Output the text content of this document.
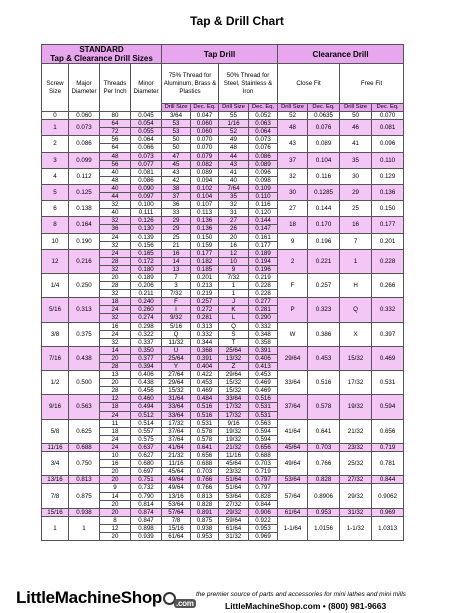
Tap & Drill Chart
STANDARD
Tap & Clearance Drill Sizes				Tap Drill				Clearance Drill			
Screw Size	Major Diameter	Threads Per Inch	Minor Diameter	75% Thread for Aluminum, Brass & Plastics		50% Thread for Steel, Stainless & Iron		Close Fit		Free Fit	
				Drill Size	Dec. Eq.	Drill Size	Dec. Eq.	Drill Size	Dec. Eq.	Drill Size	Dec. Eq.
0	0.060	80	0.045	3/64	0.047	55	0.052	52	0.0635	50	0.070
1	0.073	64	0.054	53	0.060	1/16	0.063	48	0.076	46	0.081
		72	0.055	53	0.060	52	0.064				
2	0.086	56	0.064	50	0.070	49	0.073	43	0.089	41	0.096
		64	0.066	50	0.070	48	0.076				
3	0.099	48	0.073	47	0.079	44	0.086	37	0.104	35	0.110
		56	0.077	45	0.082	43	0.089				
4	0.112	40	0.081	43	0.089	41	0.096	32	0.116	30	0.129
		48	0.086	42	0.094	40	0.098				
5	0.125	40	0.090	38	0.102	7/64	0.109	30	0.1285	29	0.136
		44	0.097	37	0.104	35	0.110				
6	0.138	32	0.100	36	0.107	32	0.116	27	0.144	25	0.150
		40	0.111	33	0.113	31	0.120				
8	0.164	32	0.126	29	0.136	27	0.144	18	0.170	16	0.177
		36	0.130	29	0.136	26	0.147				
10	0.190	24	0.139	25	0.150	20	0.161	9	0.196	7	0.201
		32	0.156	21	0.159	16	0.177				
12	0.216	24	0.165	16	0.177	12	0.189	2	0.221	1	0.228
		28	0.172	14	0.182	10	0.194				
		32	0.180	13	0.185	9	0.196				
1/4	0.250	20	0.189	7	0.201	7/32	0.219	F	0.257	H	0.266
		28	0.206	3	0.213	1	0.228				
		32	0.211	7/32	0.219	1	0.228				
5/16	0.313	18	0.240	F	0.257	J	0.277	P	0.323	Q	0.332
		24	0.260	I	0.272	K	0.281				
		32	0.274	9/32	0.281	L	0.290				
3/8	0.375	16	0.298	5/16	0.313	Q	0.332	W	0.386	X	0.397
		24	0.322	Q	0.332	S	0.348				
		32	0.337	11/32	0.344	T	0.358				
7/16	0.438	14	0.350	U	0.368	25/64	0.391	29/64	0.453	15/32	0.469
		20	0.377	25/64	0.391	13/32	0.406				
		28	0.394	Y	0.404	Z	0.413				
1/2	0.500	13	0.406	27/64	0.422	29/64	0.453	33/64	0.516	17/32	0.531
		20	0.438	29/64	0.453	15/32	0.469				
		28	0.456	15/32	0.469	15/32	0.469				
9/16	0.563	12	0.460	31/64	0.484	33/64	0.516	37/64	0.578	19/32	0.594
		18	0.494	33/64	0.516	17/32	0.531				
		24	0.512	33/64	0.516	17/32	0.531				
5/8	0.625	11	0.514	17/32	0.531	9/16	0.563	41/64	0.641	21/32	0.656
		18	0.557	37/64	0.578	19/32	0.594				
		24	0.575	37/64	0.578	19/32	0.594				
11/16	0.688	24	0.637	41/64	0.641	21/32	0.656	45/64	0.703	23/32	0.719
3/4	0.750	10	0.627	21/32	0.656	11/16	0.688	49/64	0.766	25/32	0.781
		16	0.680	11/16	0.688	45/64	0.703				
		20	0.697	45/64	0.703	23/32	0.719				
13/16	0.813	20	0.751	49/64	0.766	51/64	0.797	53/64	0.828	27/32	0.844
7/8	0.875	9	0.732	49/64	0.766	51/64	0.797	57/64	0.8906	29/32	0.9062
		14	0.790	13/16	0.813	53/64	0.828				
		20	0.814	53/64	0.828	27/32	0.844				
15/16	0.938	20	0.874	57/64	0.891	29/32	0.906	61/64	0.953	31/32	0.969
1	1	8	0.847	7/8	0.875	59/64	0.922	1-1/64	1.0156	1-1/32	1.0313
		12	0.898	15/16	0.938	61/64	0.953				
		20	0.939	61/64	0.953	31/32	0.969				
LittleMachineShop .com
the premier source of parts and accessories for mini lathes and mini mills
LittleMachineShop.com • (800) 981-9663
